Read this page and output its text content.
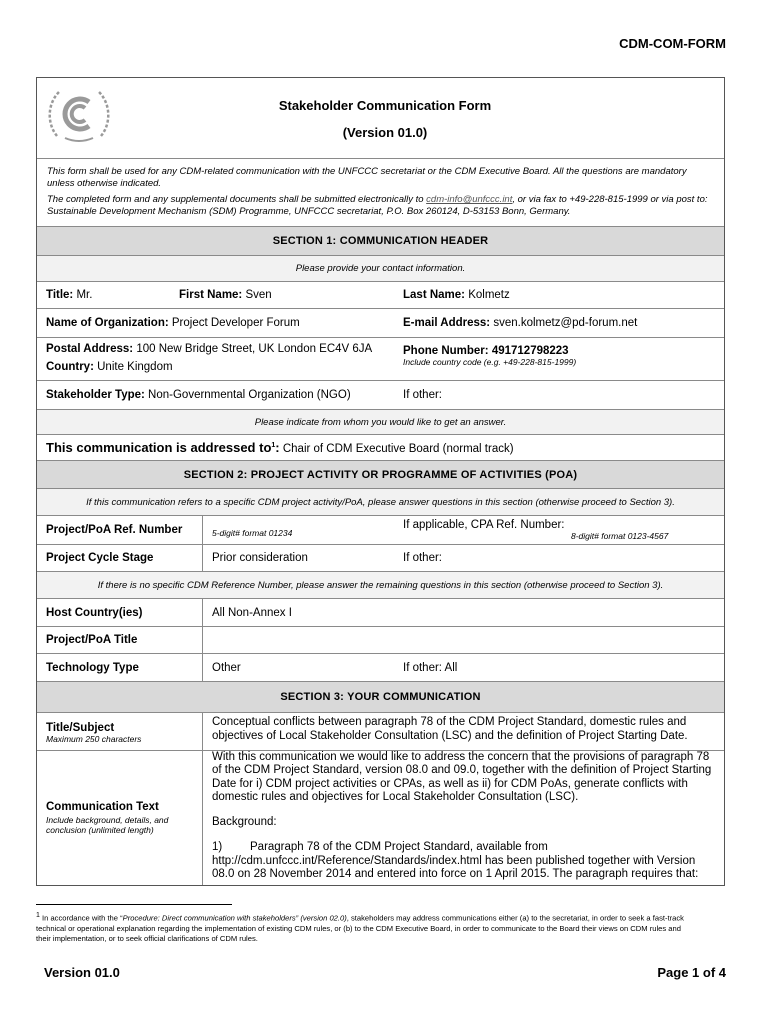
CDM-COM-FORM
Stakeholder Communication Form
(Version 01.0)
This form shall be used for any CDM-related communication with the UNFCCC secretariat or the CDM Executive Board. All the questions are mandatory unless otherwise indicated.
The completed form and any supplemental documents shall be submitted electronically to cdm-info@unfccc.int, or via fax to +49-228-815-1999 or via post to: Sustainable Development Mechanism (SDM) Programme, UNFCCC secretariat, P.O. Box 260124, D-53153 Bonn, Germany.
SECTION 1: COMMUNICATION HEADER
Please provide your contact information.
Title: Mr.	First Name: Sven	Last Name: Kolmetz
Name of Organization: Project Developer Forum	E-mail Address: sven.kolmetz@pd-forum.net
Postal Address: 100 New Bridge Street, UK London EC4V 6JA
Country: Unite Kingdom
Phone Number: 491712798223
Include country code (e.g. +49-228-815-1999)
Stakeholder Type: Non-Governmental Organization (NGO)	If other:
Please indicate from whom you would like to get an answer.
This communication is addressed $to^1$: Chair of CDM Executive Board (normal track)
SECTION 2: PROJECT ACTIVITY OR PROGRAMME OF ACTIVITIES (POA)
If this communication refers to a specific CDM project activity/PoA, please answer questions in this section (otherwise proceed to Section 3).
Project/PoA Ref. Number	5-digit# format 01234
If applicable, CPA Ref. Number:
8-digit# format 0123-4567
Project Cycle Stage	Prior consideration	If other:
If there is no specific CDM Reference Number, please answer the remaining questions in this section (otherwise proceed to Section 3).
Host Country(ies)	All Non-Annex I
Project/PoA Title
Technology Type	Other	If other: All
SECTION 3: YOUR COMMUNICATION
Title/Subject
Maximum 250 characters
Conceptual conflicts between paragraph 78 of the CDM Project Standard, domestic rules and objectives of Local Stakeholder Consultation (LSC) and the definition of Project Starting Date.
Communication Text
Include background, details, and conclusion (unlimited length)
With this communication we would like to address the concern that the provisions of paragraph 78 of the CDM Project Standard, version 08.0 and 09.0, together with the definition of Project Starting Date for i) CDM project activities or CPAs, as well as ii) for CDM PoAs, generate conflicts with domestic rules and objectives for Local Stakeholder Consultation (LSC).
Background:
1) Paragraph 78 of the CDM Project Standard, available from http://cdm.unfccc.int/Reference/Standards/index.html has been published together with Version 08.0 on 28 November 2014 and entered into force on 1 April 2015. The paragraph requires that:
$^1$ In accordance with the “Procedure: Direct communication with stakeholders” (version 02.0), stakeholders may address communications either (a) to the secretariat, in order to seek a fast-track technical or operational explanation regarding the implementation of existing CDM rules, or (b) to the CDM Executive Board, in order to communicate to the Board their views on CDM rules and their implementation, or to seek official clarifications of CDM rules.
Version 01.0	Page 1 of 4
